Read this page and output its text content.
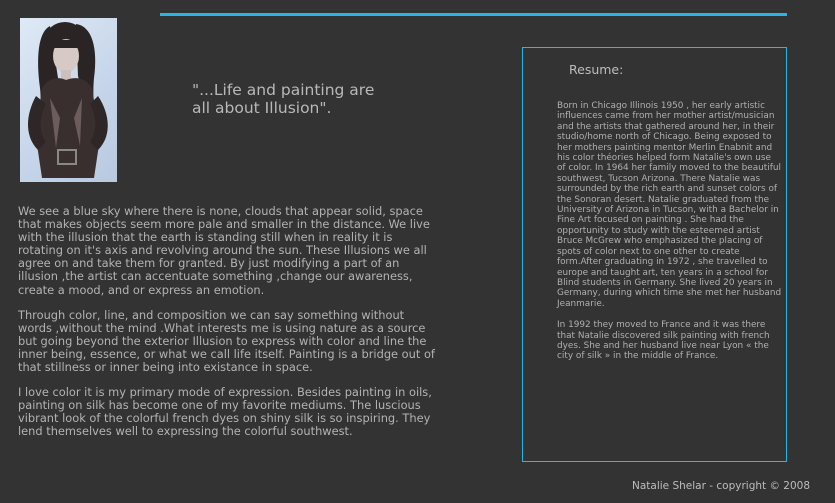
"...Life and painting are
all about Illusion".

We see a blue sky where there is none, clouds that appear solid, space that makes objects seem more pale and smaller in the distance. We live with the illusion that the earth is standing still when in reality it is rotating on it's axis and revolving around the sun. These Illusions we all agree on and take them for granted. By just modifying a part of an illusion ,the artist can accentuate something ,change our awareness, create a mood, and or express an emotion.

Through color, line, and composition we can say something without words ,without the mind .What interests me is using nature as a source but going beyond the exterior Illusion to express with color and line the inner being, essence, or what we call life itself. Painting is a bridge out of that stillness or inner being into existance in space.

I love color it is my primary mode of expression. Besides painting in oils, painting on silk has become one of my favorite mediums. The luscious vibrant look of the colorful french dyes on shiny silk is so inspiring. They lend themselves well to expressing the colorful southwest.

Resume:

Born in Chicago Illinois 1950 , her early artistic influences came from her mother artist/musician and the artists that gathered around her, in their studio/home north of Chicago. Being exposed to her mothers painting mentor Merlin Enabnit and his color théories helped form Natalie's own use of color. In 1964 her family moved to the beautiful southwest, Tucson Arizona. There Natalie was surrounded by the rich earth and sunset colors of the Sonoran desert. Natalie graduated from the University of Arizona in Tucson, with a Bachelor in Fine Art focused on painting . She had the opportunity to study with the esteemed artist Bruce McGrew who emphasized the placing of spots of color next to one other to create form.After graduating in 1972 , she travelled to europe and taught art, ten years in a school for Blind students in Germany. She lived 20 years in Germany, during which time she met her husband Jeanmarie.

In 1992 they moved to France and it was there that Natalie discovered silk painting with french dyes. She and her husband live near Lyon « the city of silk » in the middle of France.

Natalie Shelar - copyright © 2008
